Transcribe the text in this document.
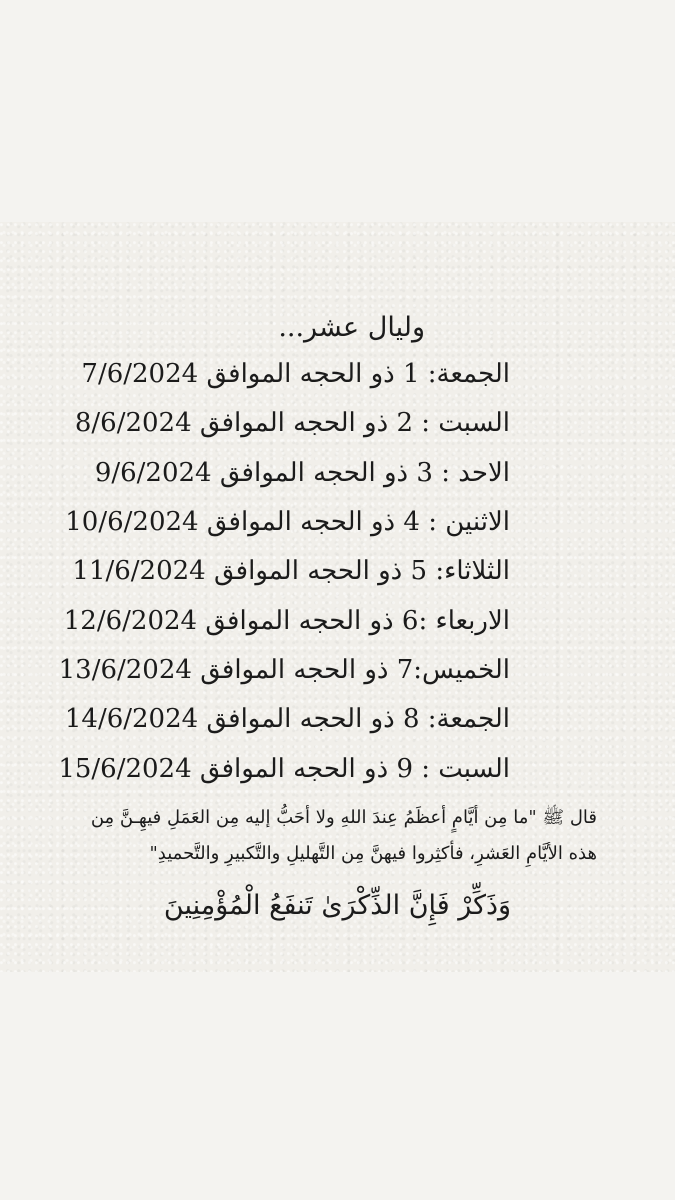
وليال عشر...
الجمعة: 1 ذو الحجه الموافق 7/6/2024
السبت : 2 ذو الحجه الموافق 8/6/2024
الاحد : 3 ذو الحجه الموافق 9/6/2024
الاثنين : 4 ذو الحجه الموافق 10/6/2024
الثلاثاء: 5 ذو الحجه الموافق 11/6/2024
الاربعاء :6 ذو الحجه الموافق 12/6/2024
الخميس:7 ذو الحجه الموافق 13/6/2024
الجمعة: 8 ذو الحجه الموافق 14/6/2024
السبت : 9 ذو الحجه الموافق 15/6/2024
قال ﷺ "ما مِن أيَّامٍ أعظَمُ عِندَ اللهِ ولا أحَبُّ إليه مِن العَمَلِ فيهِـنَّ مِن هذه الأيَّامِ العَشرِ، فأكثِروا فيهنَّ مِن التَّهليلِ والتَّكبيرِ والتَّحميدِ"
وَذَكِّرْ فَإِنَّ الذِّكْرَىٰ تَنفَعُ الْمُؤْمِنِينَ
